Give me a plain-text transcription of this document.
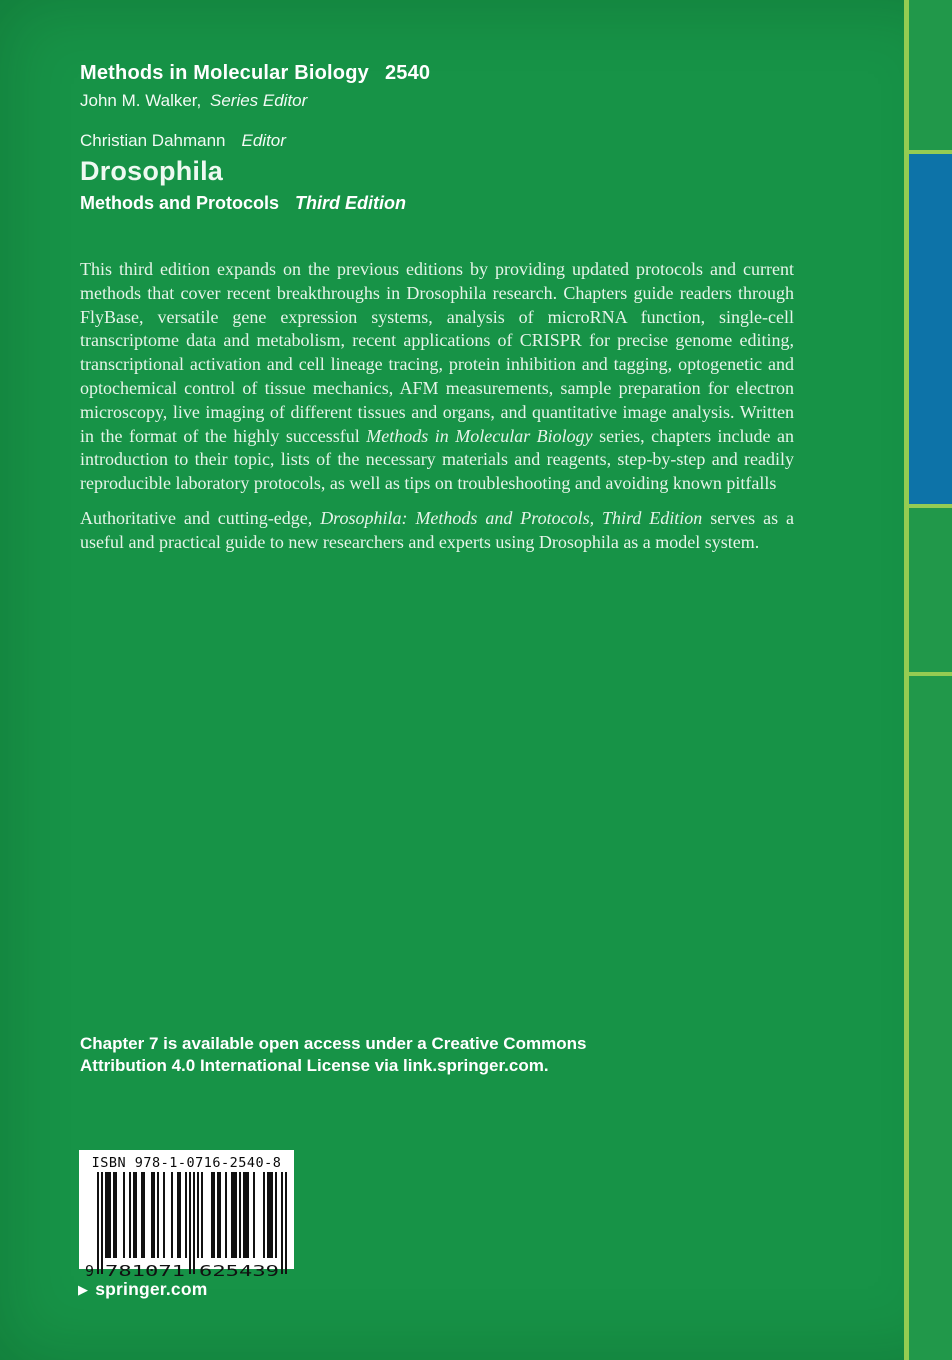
Methods in Molecular Biology 2540
John M. Walker, Series Editor
Christian Dahmann Editor
Drosophila
Methods and Protocols Third Edition

This third edition expands on the previous editions by providing updated protocols and current methods that cover recent breakthroughs in Drosophila research. Chapters guide readers through FlyBase, versatile gene expression systems, analysis of microRNA function, single-cell transcriptome data and metabolism, recent applications of CRISPR for precise genome editing, transcriptional activation and cell lineage tracing, protein inhibition and tagging, optogenetic and optochemical control of tissue mechanics, AFM measurements, sample preparation for electron microscopy, live imaging of different tissues and organs, and quantitative image analysis. Written in the format of the highly successful Methods in Molecular Biology series, chapters include an introduction to their topic, lists of the necessary materials and reagents, step-by-step and readily reproducible laboratory protocols, as well as tips on troubleshooting and avoiding known pitfalls

Authoritative and cutting-edge, Drosophila: Methods and Protocols, Third Edition serves as a useful and practical guide to new researchers and experts using Drosophila as a model system.

Chapter 7 is available open access under a Creative Commons
Attribution 4.0 International License via link.springer.com.
ISBN 978-1-0716-2540-8
9 781071 625439
▶ springer.com
